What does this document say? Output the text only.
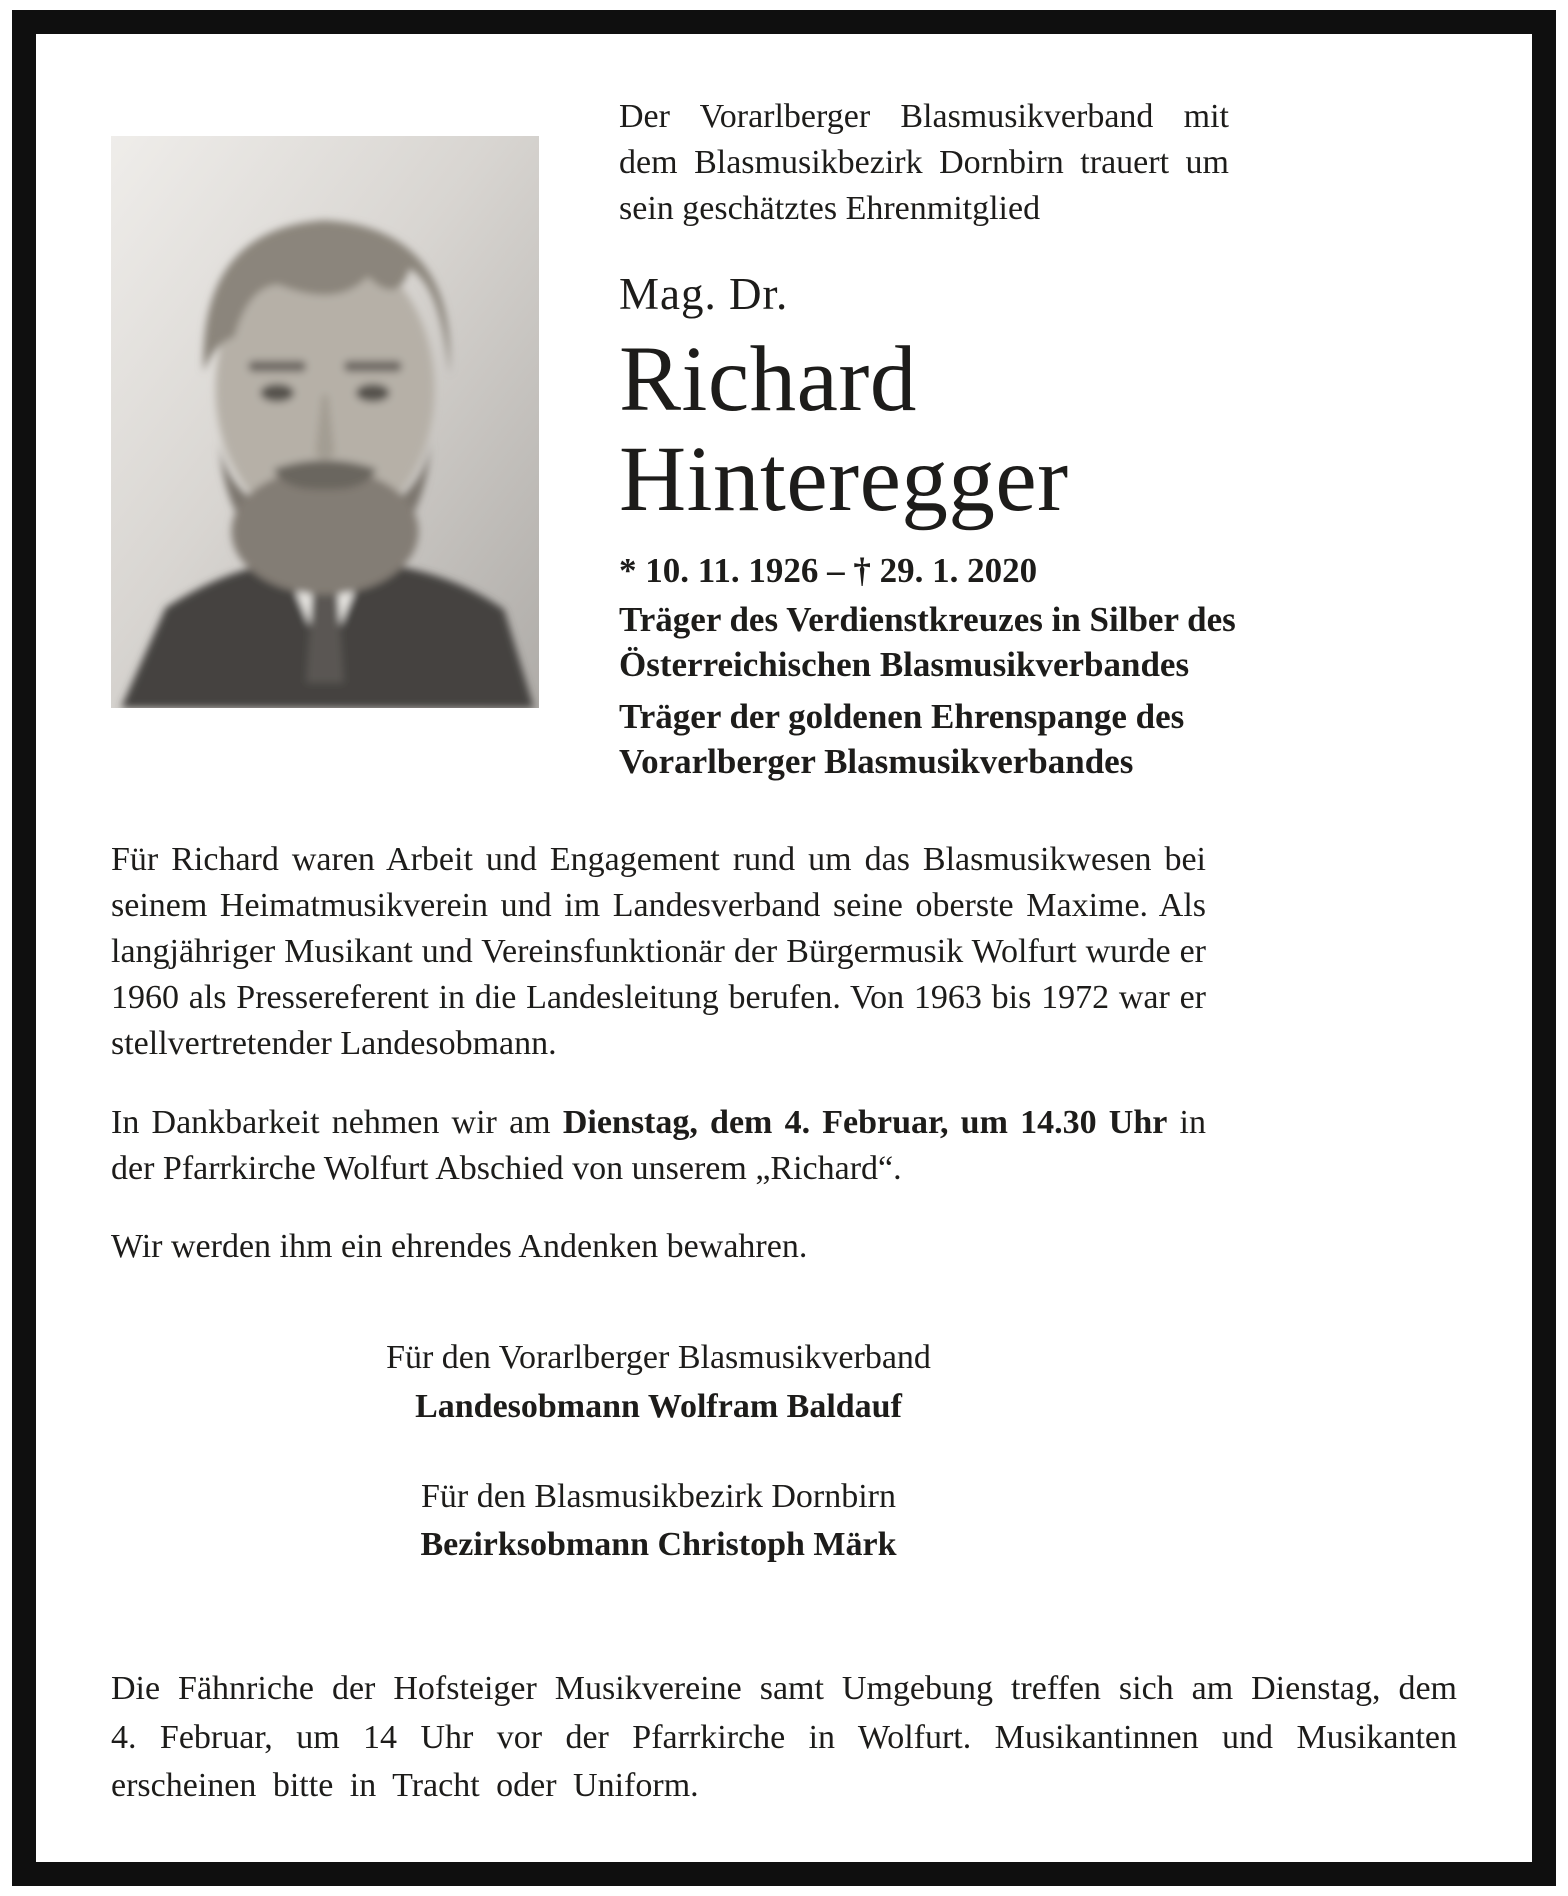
Der Vorarlberger Blasmusikverband mit dem Blasmusikbezirk Dornbirn trauert um sein geschätztes Ehrenmitglied

Mag. Dr.

Richard
Hinteregger

* 10. 11. 1926 – † 29. 1. 2020

Träger des Verdienstkreuzes in Silber des Österreichischen Blasmusikverbandes

Träger der goldenen Ehrenspange des Vorarlberger Blasmusikverbandes

Für Richard waren Arbeit und Engagement rund um das Blasmusikwesen bei seinem Heimatmusikverein und im Landesverband seine oberste Maxime. Als langjähriger Musikant und Vereinsfunktionär der Bürgermusik Wolfurt wurde er 1960 als Pressereferent in die Landesleitung berufen. Von 1963 bis 1972 war er stellvertretender Landesobmann.

In Dankbarkeit nehmen wir am Dienstag, dem 4. Februar, um 14.30 Uhr in der Pfarrkirche Wolfurt Abschied von unserem „Richard“.

Wir werden ihm ein ehrendes Andenken bewahren.

Für den Vorarlberger Blasmusikverband

Landesobmann Wolfram Baldauf

Für den Blasmusikbezirk Dornbirn

Bezirksobmann Christoph Märk

Die Fähnriche der Hofsteiger Musikvereine samt Umgebung treffen sich am Dienstag, dem 4. Februar, um 14 Uhr vor der Pfarrkirche in Wolfurt. Musikantinnen und Musikanten erscheinen bitte in Tracht oder Uniform.
